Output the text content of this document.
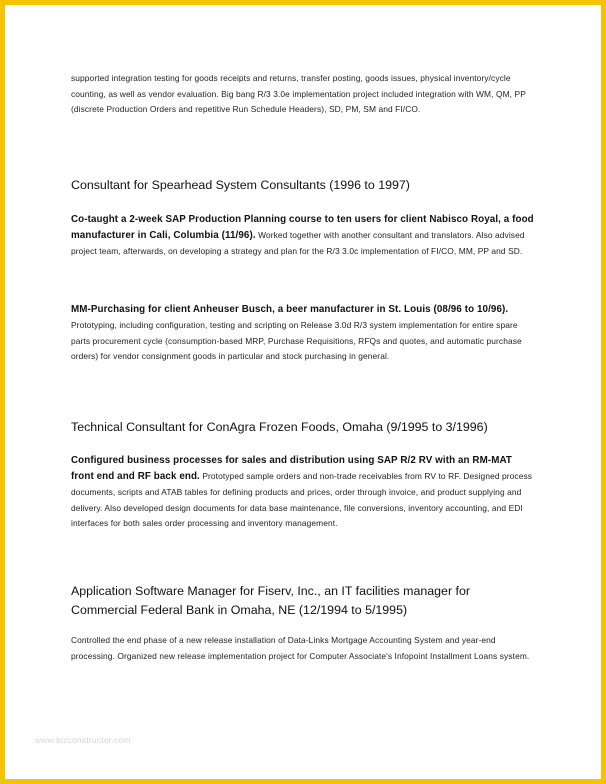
supported integration testing for goods receipts and returns, transfer posting, goods issues, physical inventory/cycle counting, as well as vendor evaluation. Big bang R/3 3.0e implementation project included integration with WM, QM, PP (discrete Production Orders and repetitive Run Schedule Headers), SD, PM, SM and FI/CO.
Consultant for Spearhead System Consultants (1996 to 1997)
Co-taught a 2-week SAP Production Planning course to ten users for client Nabisco Royal, a food manufacturer in Cali, Columbia (11/96). Worked together with another consultant and translators. Also advised project team, afterwards, on developing a strategy and plan for the R/3 3.0c implementation of FI/CO, MM, PP and SD.
MM-Purchasing for client Anheuser Busch, a beer manufacturer in St. Louis (08/96 to 10/96). Prototyping, including configuration, testing and scripting on Release 3.0d R/3 system implementation for entire spare parts procurement cycle (consumption-based MRP, Purchase Requisitions, RFQs and quotes, and automatic purchase orders) for vendor consignment goods in particular and stock purchasing in general.
Technical Consultant for ConAgra Frozen Foods, Omaha (9/1995 to 3/1996)
Configured business processes for sales and distribution using SAP R/2 RV with an RM-MAT front end and RF back end. Prototyped sample orders and non-trade receivables from RV to RF. Designed process documents, scripts and ATAB tables for defining products and prices, order through invoice, and product supplying and delivery. Also developed design documents for data base maintenance, file conversions, inventory accounting, and EDI interfaces for both sales order processing and inventory management.
Application Software Manager for Fiserv, Inc., an IT facilities manager for Commercial Federal Bank in Omaha, NE (12/1994 to 5/1995)
Controlled the end phase of a new release installation of Data-Links Mortgage Accounting System and year-end processing. Organized new release implementation project for Computer Associate's Infopoint Installment Loans system.
www.bizconstructor.com
